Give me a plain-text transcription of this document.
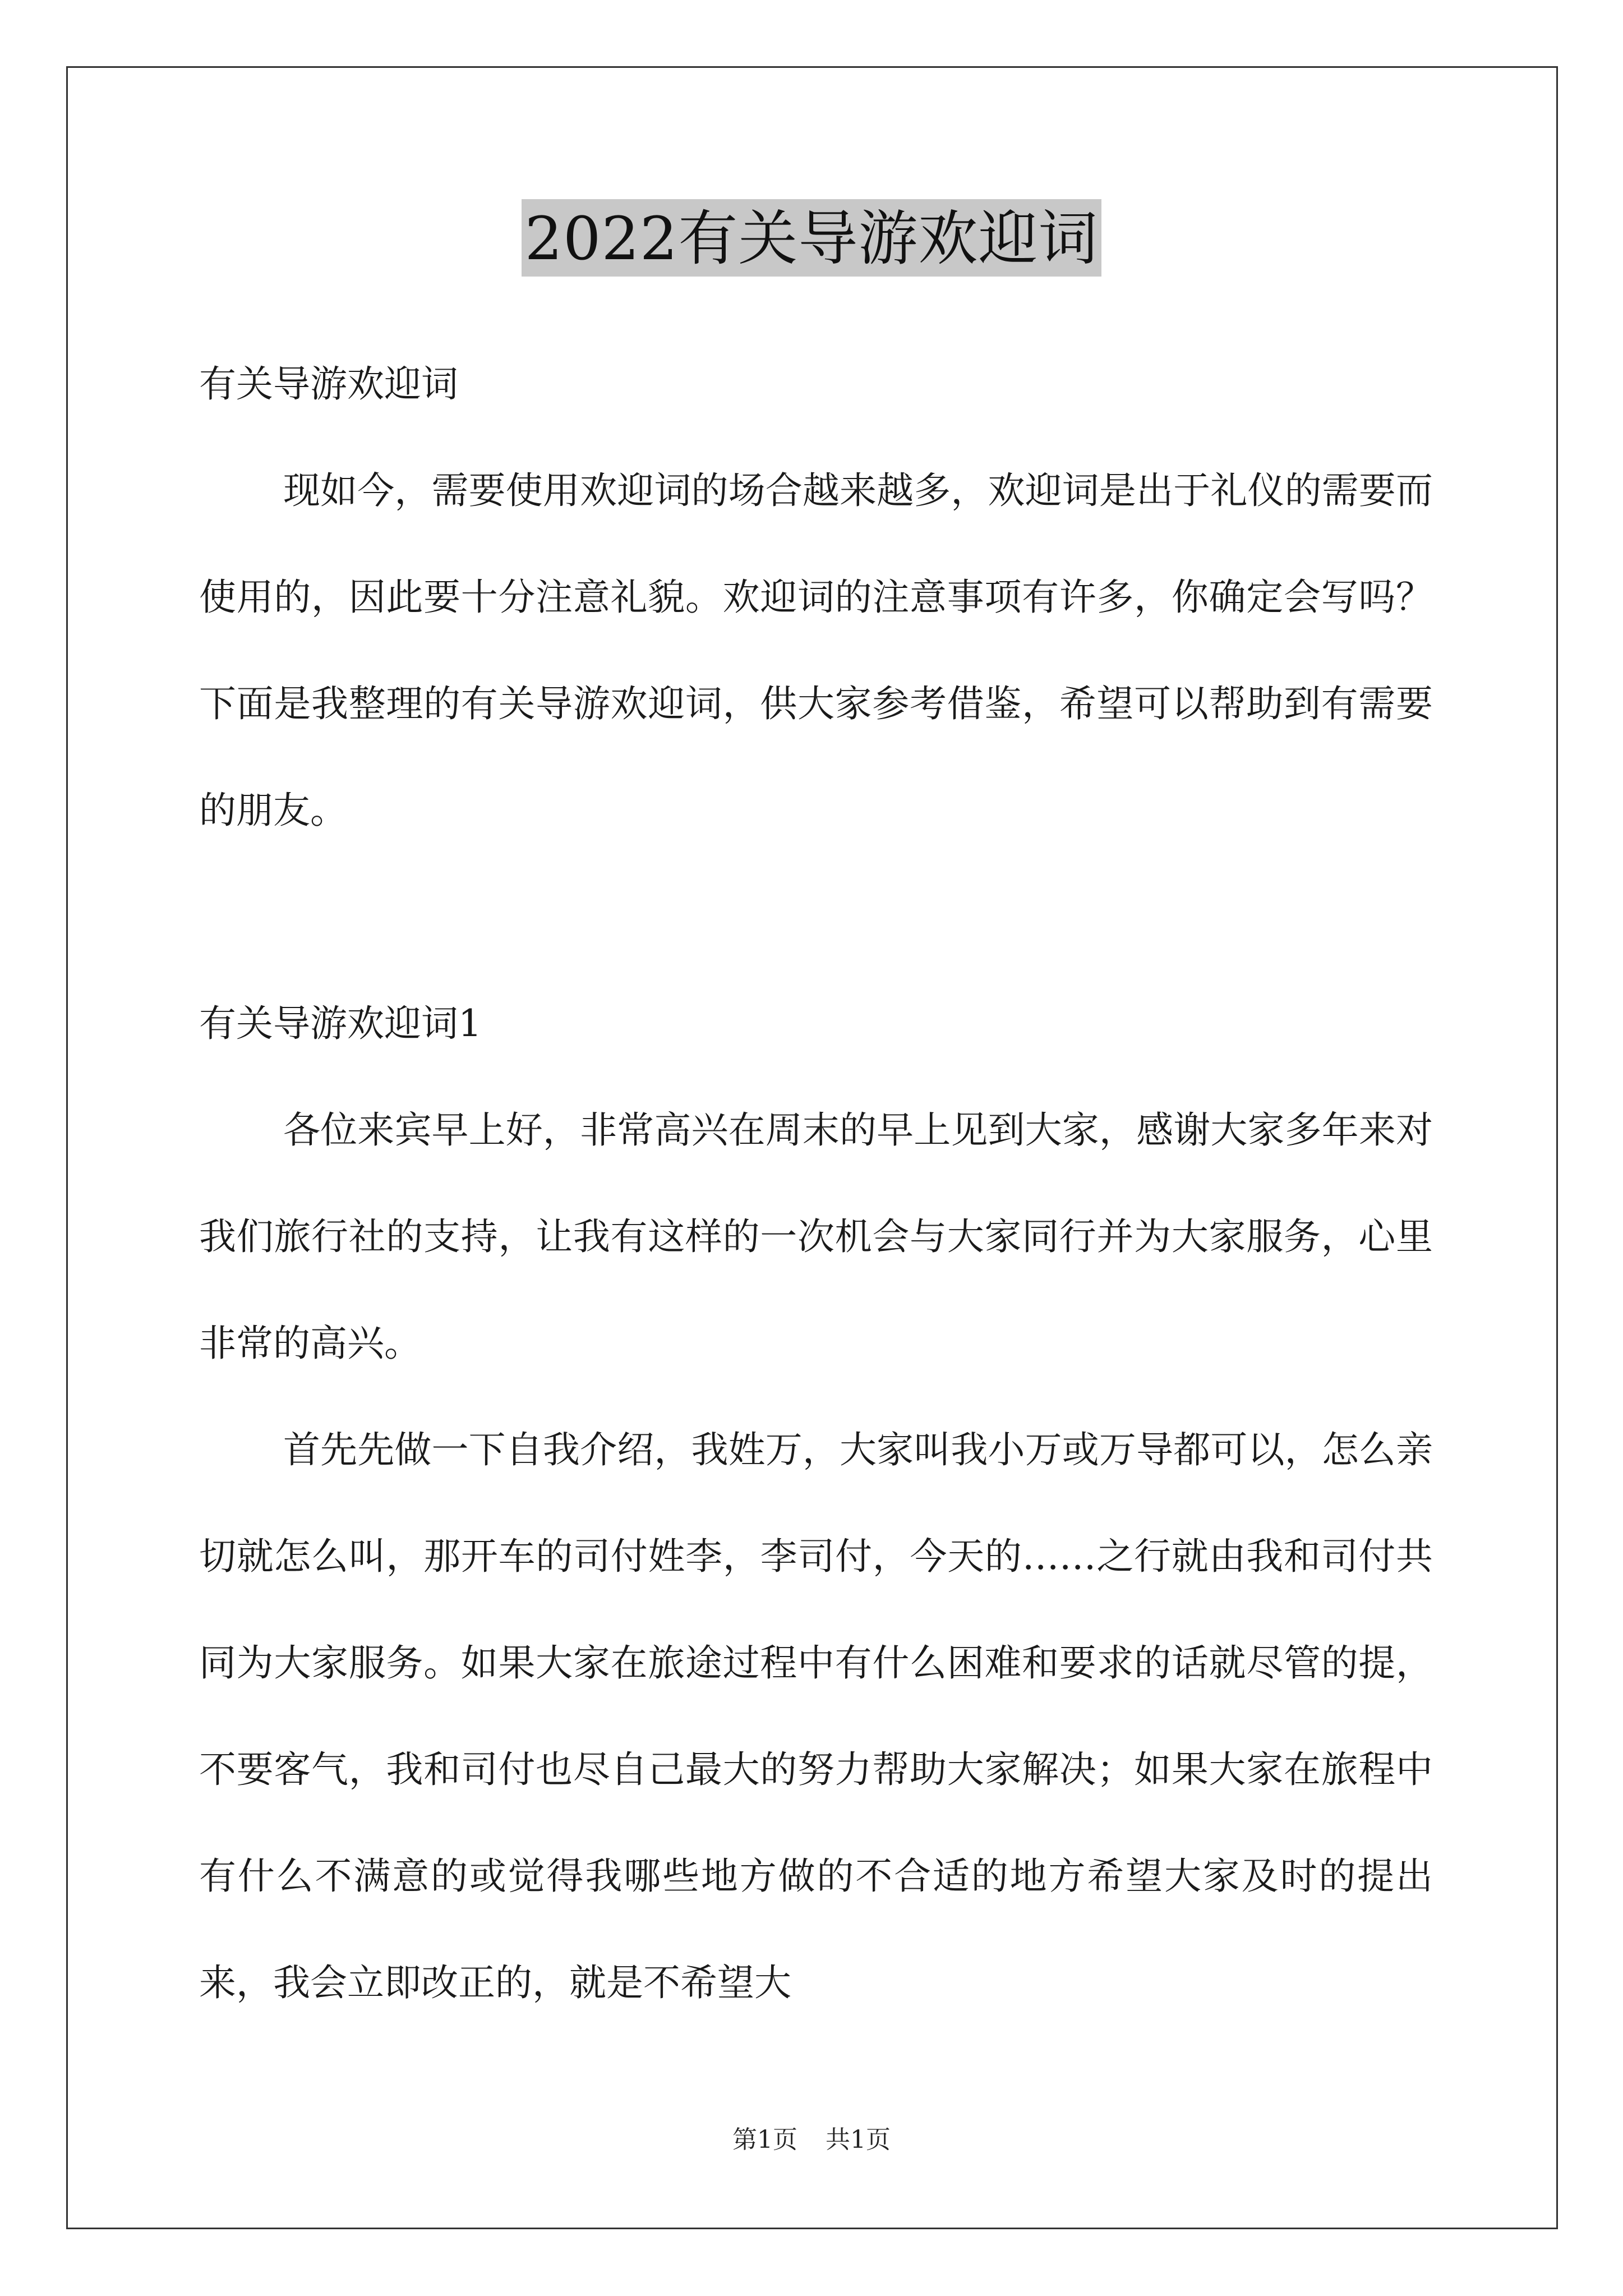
2022有关导游欢迎词

有关导游欢迎词

现如今，需要使用欢迎词的场合越来越多，欢迎词是出于礼仪的需要而使用的，因此要十分注意礼貌。欢迎词的注意事项有许多，你确定会写吗？下面是我整理的有关导游欢迎词，供大家参考借鉴，希望可以帮助到有需要的朋友。

有关导游欢迎词1

各位来宾早上好，非常高兴在周末的早上见到大家，感谢大家多年来对我们旅行社的支持，让我有这样的一次机会与大家同行并为大家服务，心里非常的高兴。

首先先做一下自我介绍，我姓万，大家叫我小万或万导都可以，怎么亲切就怎么叫，那开车的司付姓李，李司付，今天的……之行就由我和司付共同为大家服务。如果大家在旅途过程中有什么困难和要求的话就尽管的提，不要客气，我和司付也尽自己最大的努力帮助大家解决；如果大家在旅程中有什么不满意的或觉得我哪些地方做的不合适的地方希望大家及时的提出来，我会立即改正的，就是不希望大

第1页 共1页
